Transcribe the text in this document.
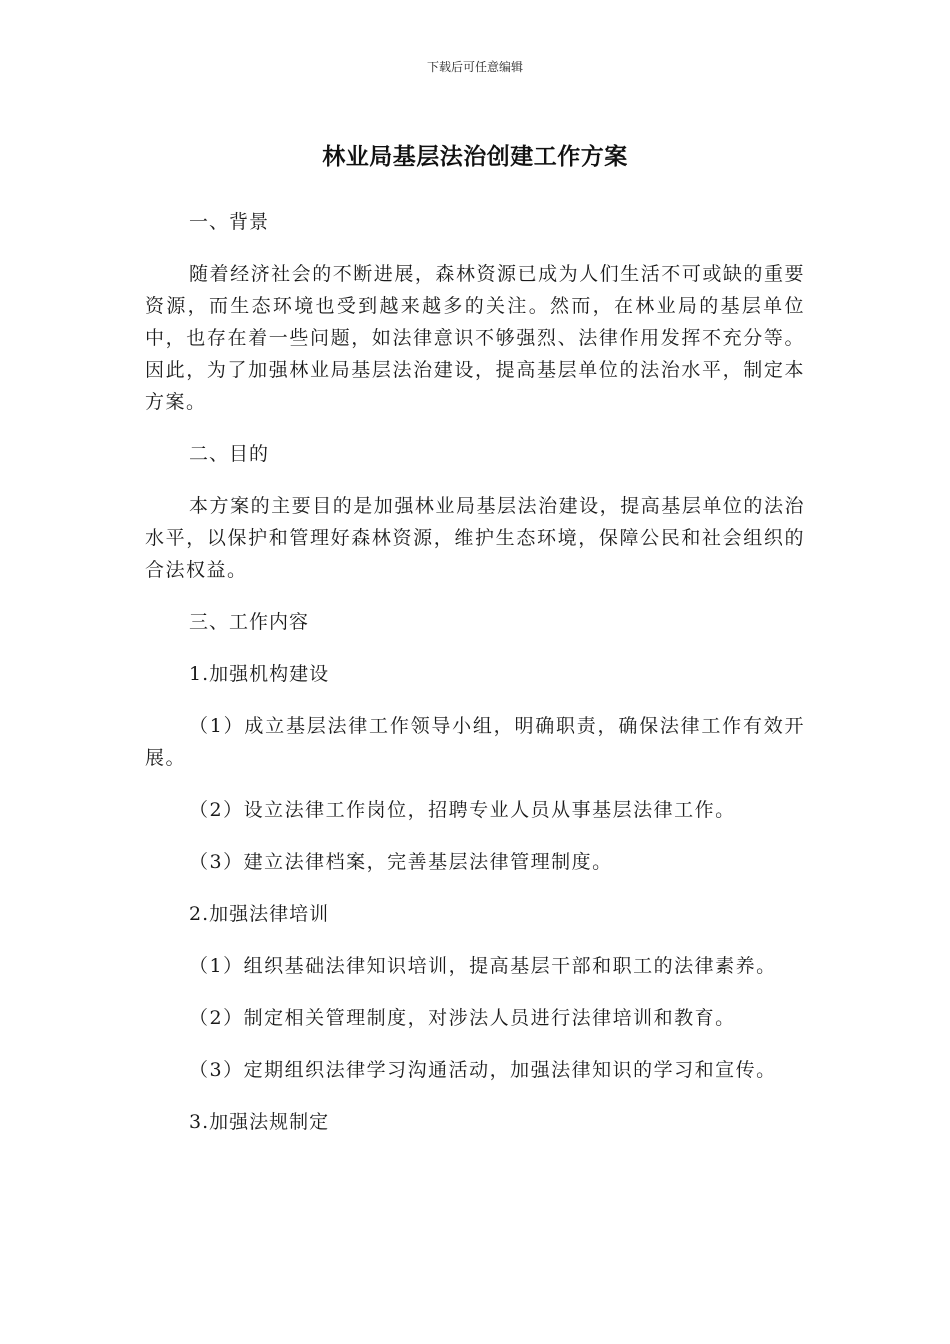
下载后可任意编辑
林业局基层法治创建工作方案

一、背景

随着经济社会的不断进展，森林资源已成为人们生活不可或缺的重要资源，而生态环境也受到越来越多的关注。然而，在林业局的基层单位中，也存在着一些问题，如法律意识不够强烈、法律作用发挥不充分等。因此，为了加强林业局基层法治建设，提高基层单位的法治水平，制定本方案。

二、目的

本方案的主要目的是加强林业局基层法治建设，提高基层单位的法治水平，以保护和管理好森林资源，维护生态环境，保障公民和社会组织的合法权益。

三、工作内容

1.加强机构建设

（1）成立基层法律工作领导小组，明确职责，确保法律工作有效开展。

（2）设立法律工作岗位，招聘专业人员从事基层法律工作。

（3）建立法律档案，完善基层法律管理制度。

2.加强法律培训

（1）组织基础法律知识培训，提高基层干部和职工的法律素养。

（2）制定相关管理制度，对涉法人员进行法律培训和教育。

（3）定期组织法律学习沟通活动，加强法律知识的学习和宣传。

3.加强法规制定
